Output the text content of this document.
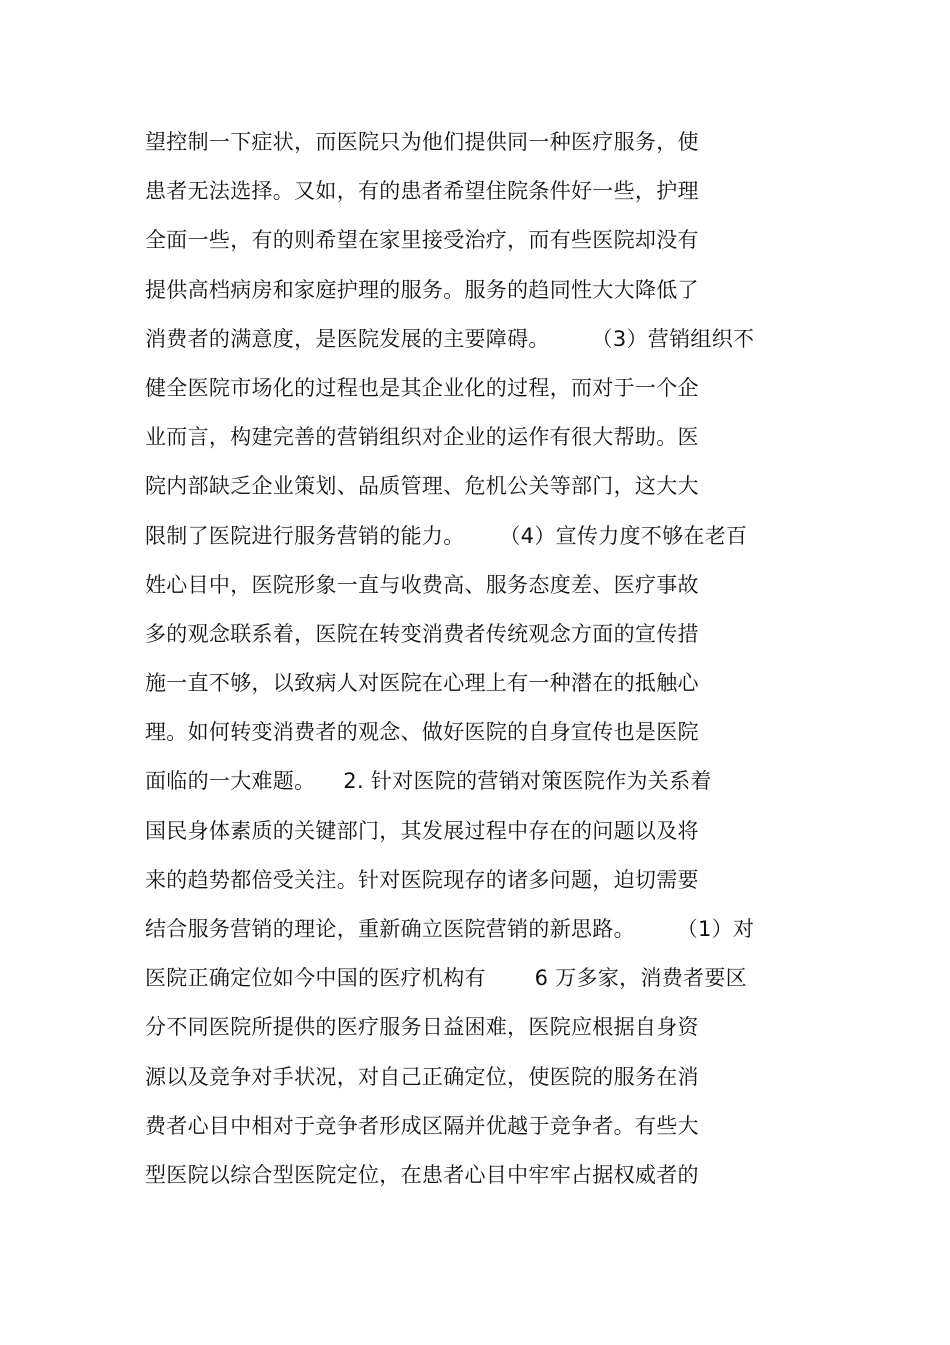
望控制一下症状，而医院只为他们提供同一种医疗服务，使
患者无法选择。又如，有的患者希望住院条件好一些，护理
全面一些，有的则希望在家里接受治疗，而有些医院却没有
提供高档病房和家庭护理的服务。服务的趋同性大大降低了
消费者的满意度，是医院发展的主要障碍。      （3）营销组织不
健全医院市场化的过程也是其企业化的过程，而对于一个企
业而言，构建完善的营销组织对企业的运作有很大帮助。医
院内部缺乏企业策划、品质管理、危机公关等部门，这大大
限制了医院进行服务营销的能力。     （4）宣传力度不够在老百
姓心目中，医院形象一直与收费高、服务态度差、医疗事故
多的观念联系着，医院在转变消费者传统观念方面的宣传措
施一直不够，以致病人对医院在心理上有一种潜在的抵触心
理。如何转变消费者的观念、做好医院的自身宣传也是医院
面临的一大难题。    2. 针对医院的营销对策医院作为关系着
国民身体素质的关键部门，其发展过程中存在的问题以及将
来的趋势都倍受关注。针对医院现存的诸多问题，迫切需要
结合服务营销的理论，重新确立医院营销的新思路。      （1）对
医院正确定位如今中国的医疗机构有       6 万多家，消费者要区
分不同医院所提供的医疗服务日益困难，医院应根据自身资
源以及竞争对手状况，对自己正确定位，使医院的服务在消
费者心目中相对于竞争者形成区隔并优越于竞争者。有些大
型医院以综合型医院定位，在患者心目中牢牢占据权威者的
